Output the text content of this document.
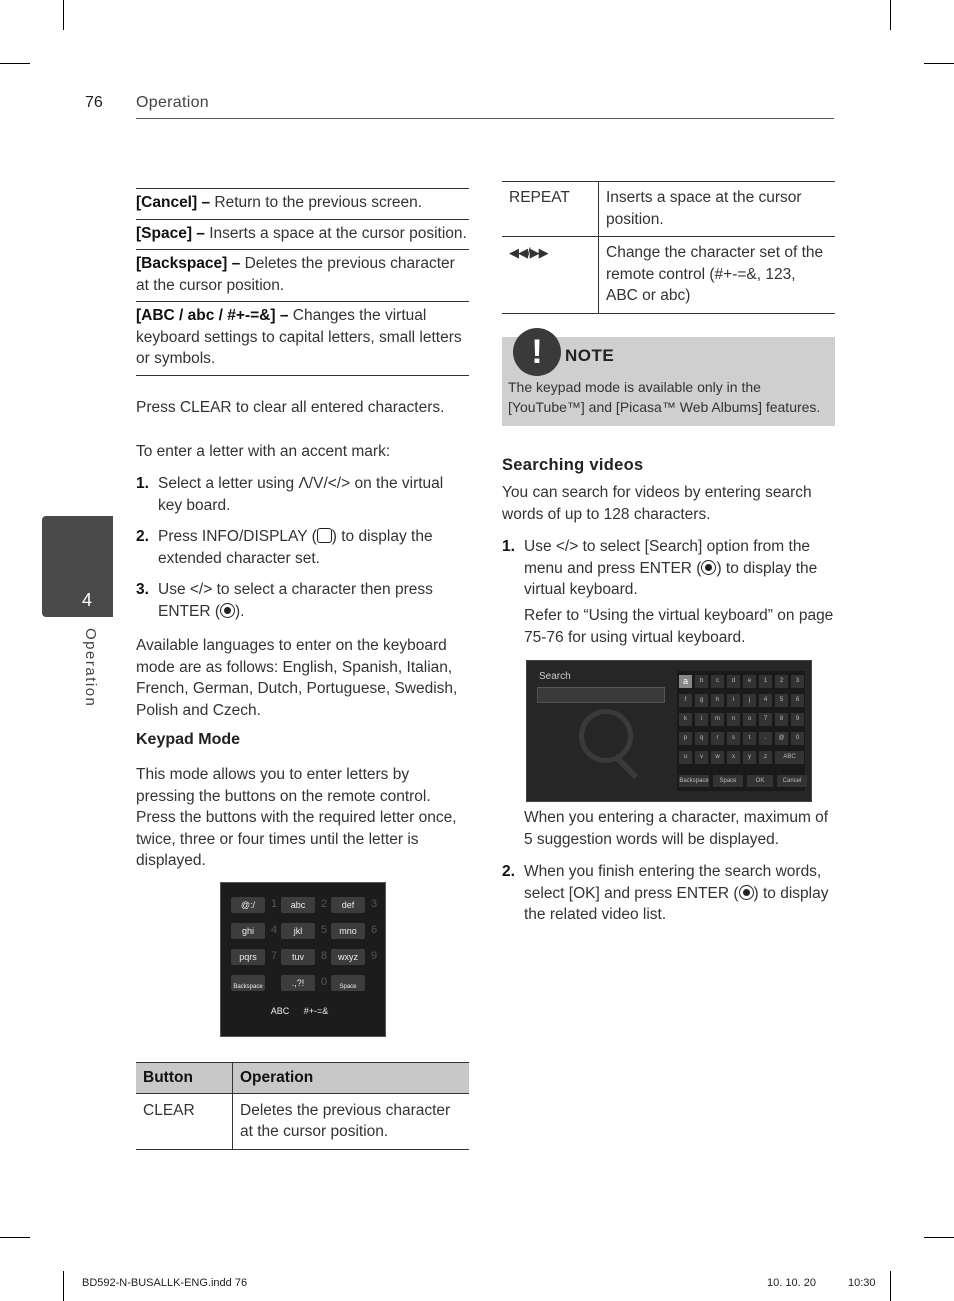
76 Operation
4
Operation
[Cancel] – Return to the previous screen.
[Space] – Inserts a space at the cursor position.
[Backspace] – Deletes the previous character at the cursor position.
[ABC / abc / #+-=&] – Changes the virtual keyboard settings to capital letters, small letters or symbols.
Press CLEAR to clear all entered characters.
To enter a letter with an accent mark:
1. Select a letter using Λ/V/</> on the virtual key board.
2. Press INFO/DISPLAY ( ) to display the extended character set.
3. Use </> to select a character then press ENTER ( ).
Available languages to enter on the keyboard mode are as follows: English, Spanish, Italian, French, German, Dutch, Portuguese, Swedish, Polish and Czech.
Keypad Mode
This mode allows you to enter letters by pressing the buttons on the remote control. Press the buttons with the required letter once, twice, three or four times until the letter is displayed.
@:/	1	abc	2	def	3
ghi	4	jkl	5	mno	6
pqrs	7	tuv	8	wxyz	9
Backspace	.,?!	0	Space
ABC	#+-=&
Button	Operation
CLEAR	Deletes the previous character at the cursor position.
REPEAT	Inserts a space at the cursor position.
◀◀/▶▶	Change the character set of the remote control (#+-=&, 123, ABC or abc)
!	NOTE
The keypad mode is available only in the [YouTube™] and [Picasa™ Web Albums] features.
Searching videos
You can search for videos by entering search words of up to 128 characters.
1. Use </> to select [Search] option from the menu and press ENTER ( ) to display the virtual keyboard.
Refer to “Using the virtual keyboard” on page 75-76 for using virtual keyboard.
Search	a	b	c	d	e	1	2	3
f	g	h	i	j	4	5	6
k	l	m	n	o	7	8	9
p	q	r	s	t	.	@	0
u	v	w	x	y	z	ABC
Backspace	Space	OK	Cancel
When you entering a character, maximum of 5 suggestion words will be displayed.
2. When you finish entering the search words, select [OK] and press ENTER ( ) to display the related video list.
BD592-N-BUSALLK-ENG.indd 76	10. 10. 20	10:30
